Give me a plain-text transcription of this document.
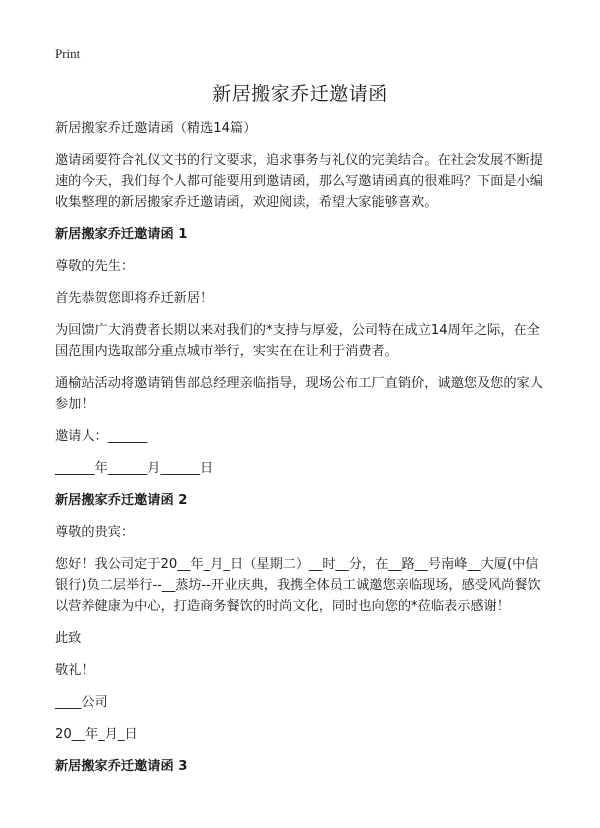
Print
新居搬家乔迁邀请函

新居搬家乔迁邀请函（精选14篇）

邀请函要符合礼仪文书的行文要求，追求事务与礼仪的完美结合。在社会发展不断提速的今天，我们每个人都可能要用到邀请函，那么写邀请函真的很难吗？下面是小编收集整理的新居搬家乔迁邀请函，欢迎阅读，希望大家能够喜欢。

新居搬家乔迁邀请函 1

尊敬的先生：

首先恭贺您即将乔迁新居！

为回馈广大消费者长期以来对我们的*支持与厚爱，公司特在成立14周年之际，在全国范围内选取部分重点城市举行，实实在在让利于消费者。

通榆站活动将邀请销售部总经理亲临指导，现场公布工厂直销价，诚邀您及您的家人参加！

邀请人：______

______年______月______日

新居搬家乔迁邀请函 2

尊敬的贵宾：

您好！我公司定于20__年_月_日（星期二）__时__分，在__路__号南峰__大厦(中信银行)负二层举行--__蒸坊--开业庆典，我携全体员工诚邀您亲临现场，感受风尚餐饮以营养健康为中心，打造商务餐饮的时尚文化，同时也向您的*莅临表示感谢！

此致

敬礼！

____公司

20__年_月_日

新居搬家乔迁邀请函 3
